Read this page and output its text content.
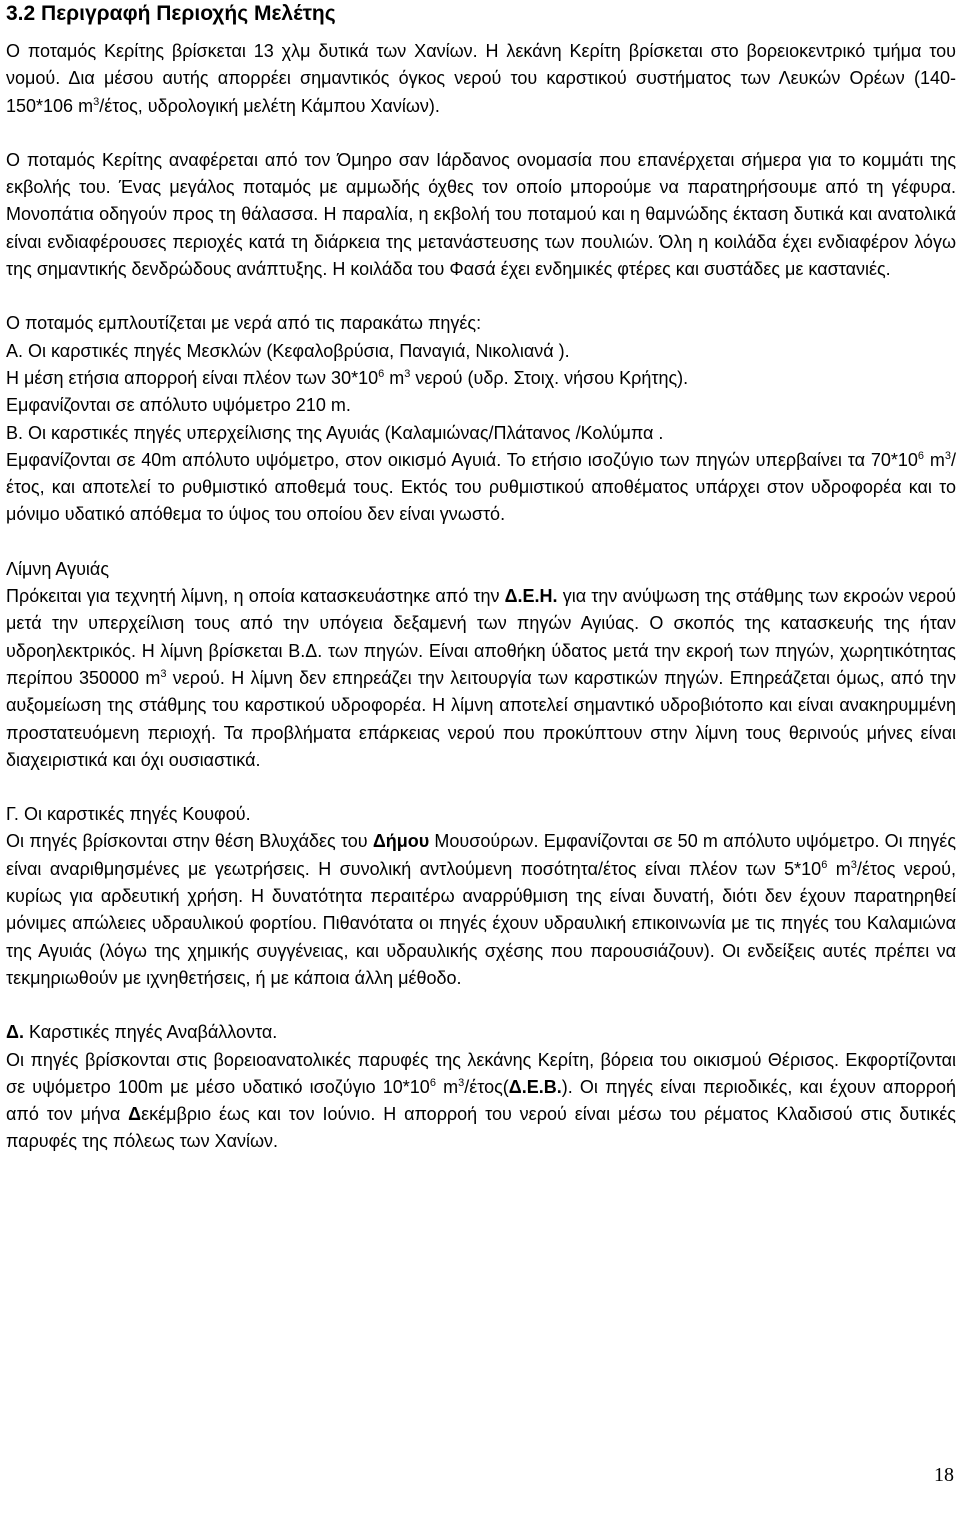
3.2 Περιγραφή Περιοχής Μελέτης

Ο ποταμός Κερίτης βρίσκεται 13 χλμ δυτικά των Χανίων. Η λεκάνη Κερίτη βρίσκεται στο βορειοκεντρικό τμήμα του νομού. Δια μέσου αυτής απορρέει σημαντικός όγκος νερού του καρστικού συστήματος των Λευκών Ορέων (140-150*106 $m^3$/έτος, υδρολογική μελέτη Κάμπου Χανίων).

Ο ποταμός Κερίτης αναφέρεται από τον Όμηρο σαν Ιάρδανος ονομασία που επανέρχεται σήμερα για το κομμάτι της εκβολής του. Ένας μεγάλος ποταμός με αμμωδής όχθες τον οποίο μπορούμε να παρατηρήσουμε από τη γέφυρα. Μονοπάτια οδηγούν προς τη θάλασσα. Η παραλία, η εκβολή του ποταμού και η θαμνώδης έκταση δυτικά και ανατολικά είναι ενδιαφέρουσες περιοχές κατά τη διάρκεια της μετανάστευσης των πουλιών. Όλη η κοιλάδα έχει ενδιαφέρον λόγω της σημαντικής δενδρώδους ανάπτυξης. Η κοιλάδα του Φασά έχει ενδημικές φτέρες και συστάδες με καστανιές.

Ο ποταμός εμπλουτίζεται με νερά από τις παρακάτω πηγές:

Α. Οι καρστικές πηγές Μεσκλών (Κεφαλοβρύσια, Παναγιά, Νικολιανά ).

Η μέση ετήσια απορροή είναι πλέον των $30*10^6$ $m^3$ νερού (υδρ. Στοιχ. νήσου Κρήτης).

Εμφανίζονται σε απόλυτο υψόμετρο 210 m.

Β. Οι καρστικές πηγές υπερχείλισης της Αγυιάς (Καλαμιώνας/Πλάτανος /Κολύμπα .

Εμφανίζονται σε 40m απόλυτο υψόμετρο, στον οικισμό Αγυιά. Το ετήσιο ισοζύγιο των πηγών υπερβαίνει τα $70*10^6$ $m^3$/έτος, και αποτελεί το ρυθμιστικό αποθεμά τους. Εκτός του ρυθμιστικού αποθέματος υπάρχει στον υδροφορέα και το μόνιμο υδατικό απόθεμα το ύψος του οποίου δεν είναι γνωστό.

Λίμνη Αγυιάς

Πρόκειται για τεχνητή λίμνη, η οποία κατασκευάστηκε από την Δ.Ε.Η. για την ανύψωση της στάθμης των εκροών νερού μετά την υπερχείλιση τους από την υπόγεια δεξαμενή των πηγών Αγιύας. Ο σκοπός της κατασκευής της ήταν υδροηλεκτρικός. Η λίμνη βρίσκεται Β.Δ. των πηγών. Είναι αποθήκη ύδατος μετά την εκροή των πηγών, χωρητικότητας περίπου 350000 $m^3$ νερού. Η λίμνη δεν επηρεάζει την λειτουργία των καρστικών πηγών. Επηρεάζεται όμως, από την αυξομείωση της στάθμης του καρστικού υδροφορέα. Η λίμνη αποτελεί σημαντικό υδροβιότοπο και είναι ανακηρυμμένη προστατευόμενη περιοχή. Τα προβλήματα επάρκειας νερού που προκύπτουν στην λίμνη τους θερινούς μήνες είναι διαχειριστικά και όχι ουσιαστικά.

Γ. Οι καρστικές πηγές Κουφού.

Οι πηγές βρίσκονται στην θέση Βλυχάδες του Δήμου Μουσούρων. Εμφανίζονται σε 50 m απόλυτο υψόμετρο. Οι πηγές είναι αναριθμησμένες με γεωτρήσεις. Η συνολική αντλούμενη ποσότητα/έτος είναι πλέον των $5*10^6$ $m^3$/έτος νερού, κυρίως για αρδευτική χρήση. Η δυνατότητα περαιτέρω αναρρύθμιση της είναι δυνατή, διότι δεν έχουν παρατηρηθεί μόνιμες απώλειες υδραυλικού φορτίου. Πιθανότατα οι πηγές έχουν υδραυλική επικοινωνία με τις πηγές του Καλαμιώνα της Αγυιάς (λόγω της χημικής συγγένειας, και υδραυλικής σχέσης που παρουσιάζουν). Οι ενδείξεις αυτές πρέπει να τεκμηριωθούν με ιχνηθετήσεις, ή με κάποια άλλη μέθοδο.

Δ. Καρστικές πηγές Αναβάλλοντα.

Οι πηγές βρίσκονται στις βορειοανατολικές παρυφές της λεκάνης Κερίτη, βόρεια του οικισμού Θέρισος. Εκφορτίζονται σε υψόμετρο 100m με μέσο υδατικό ισοζύγιο $10*10^6$ $m^3/έ\tau o\varsigma(\Delta.E.B.)$. Οι πηγές είναι περιοδικές, και έχουν απορροή από τον μήνα Δεκέμβριο έως και τον Ιούνιο. Η απορροή του νερού είναι μέσω του ρέματος Κλαδισού στις δυτικές παρυφές της πόλεως των Χανίων.

18
